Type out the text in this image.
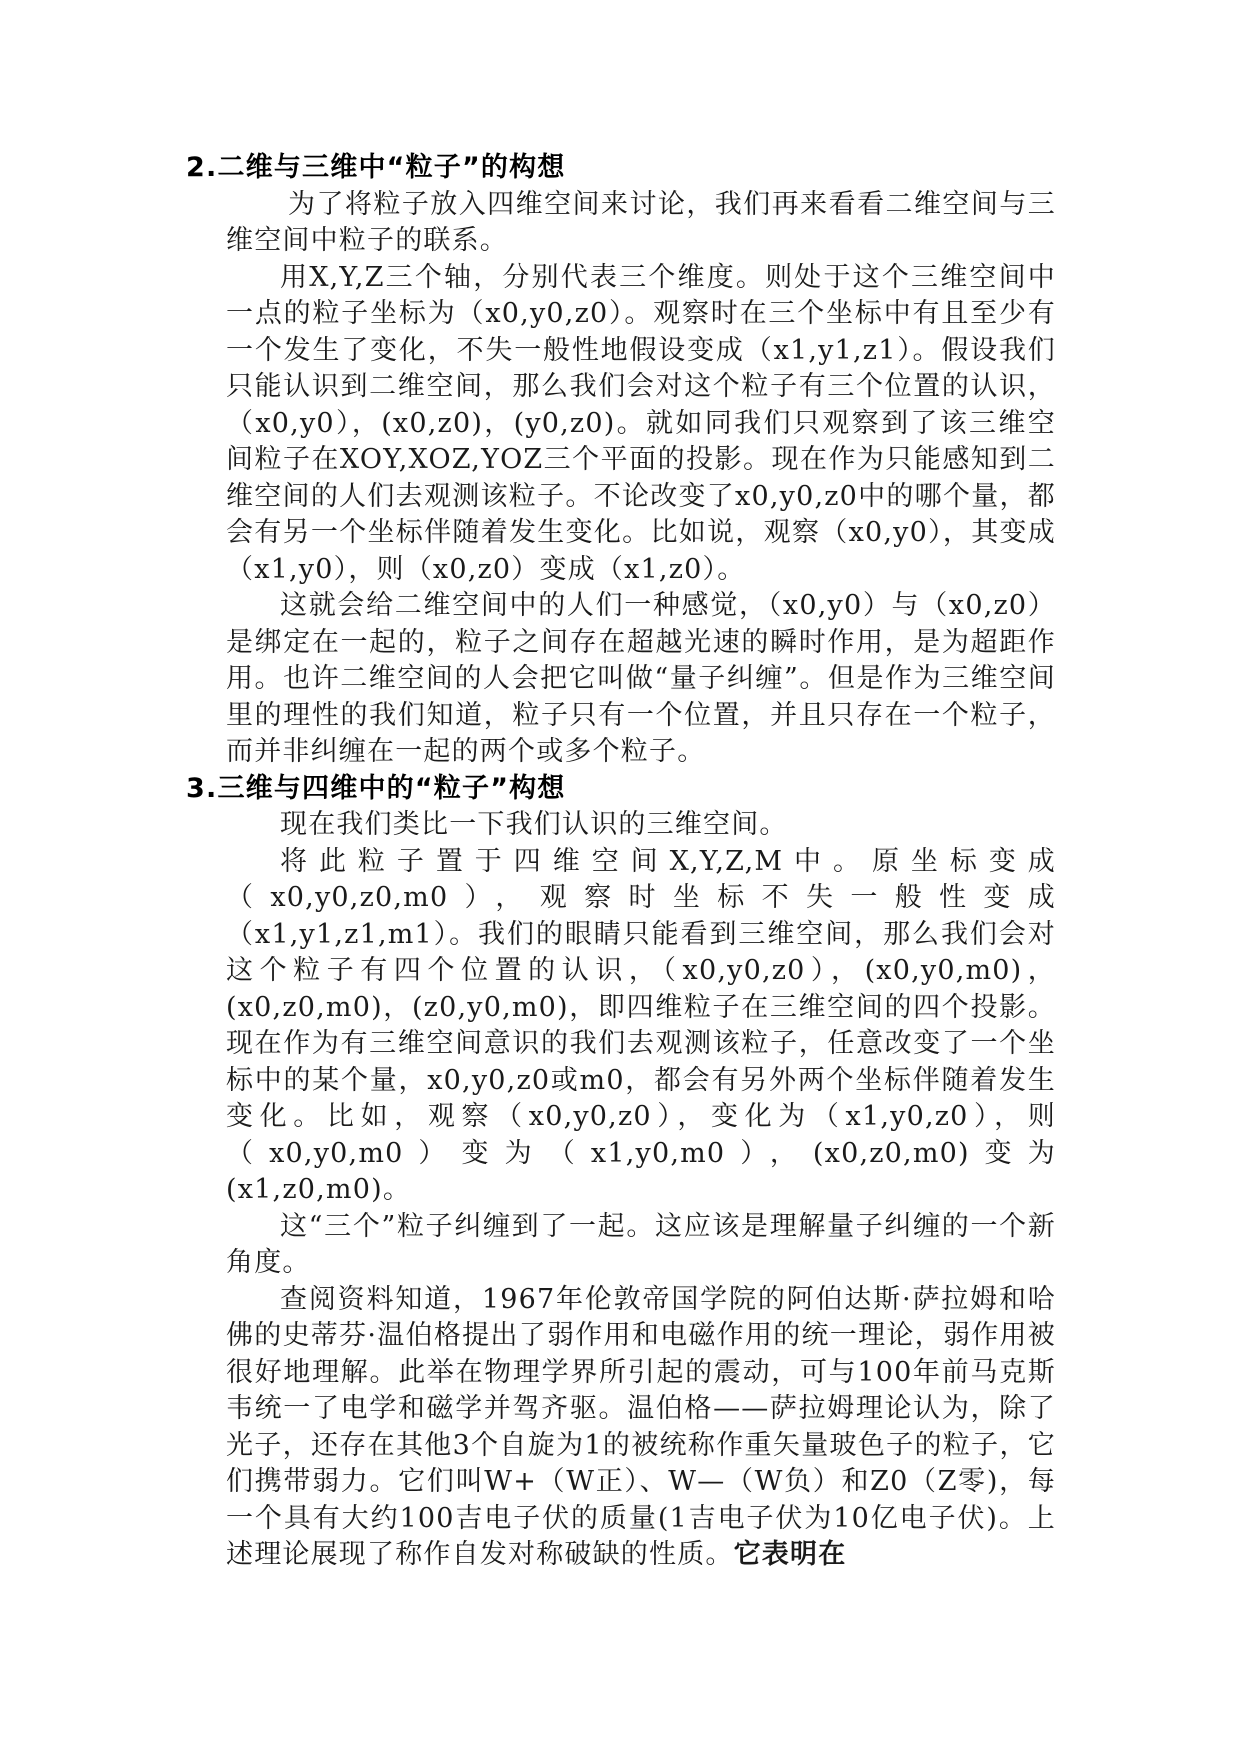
2.二维与三维中“粒子”的构想

为了将粒子放入四维空间来讨论，我们再来看看二维空间与三维空间中粒子的联系。

用X,Y,Z三个轴，分别代表三个维度。则处于这个三维空间中一点的粒子坐标为（x0,y0,z0）。观察时在三个坐标中有且至少有一个发生了变化，不失一般性地假设变成（x1,y1,z1）。假设我们只能认识到二维空间，那么我们会对这个粒子有三个位置的认识，（x0,y0），(x0,z0)，(y0,z0)。就如同我们只观察到了该三维空间粒子在XOY,XOZ,YOZ三个平面的投影。现在作为只能感知到二维空间的人们去观测该粒子。不论改变了x0,y0,z0中的哪个量，都会有另一个坐标伴随着发生变化。比如说，观察（x0,y0），其变成（x1,y0），则（x0,z0）变成（x1,z0）。

这就会给二维空间中的人们一种感觉，（x0,y0）与（x0,z0）是绑定在一起的，粒子之间存在超越光速的瞬时作用，是为超距作用。也许二维空间的人会把它叫做“量子纠缠”。但是作为三维空间里的理性的我们知道，粒子只有一个位置，并且只存在一个粒子，而并非纠缠在一起的两个或多个粒子。

3.三维与四维中的“粒子”构想

现在我们类比一下我们认识的三维空间。

将此粒子置于四维空间X,Y,Z,M中。原坐标变成（x0,y0,z0,m0），观察时坐标不失一般性变成（x1,y1,z1,m1）。我们的眼睛只能看到三维空间，那么我们会对这个粒子有四个位置的认识，（x0,y0,z0），(x0,y0,m0)，(x0,z0,m0)，(z0,y0,m0)，即四维粒子在三维空间的四个投影。现在作为有三维空间意识的我们去观测该粒子，任意改变了一个坐标中的某个量，x0,y0,z0或m0，都会有另外两个坐标伴随着发生变化。比如，观察（x0,y0,z0），变化为（x1,y0,z0），则（x0,y0,m0）变为（x1,y0,m0），(x0,z0,m0)变为(x1,z0,m0)。

这“三个”粒子纠缠到了一起。这应该是理解量子纠缠的一个新角度。

查阅资料知道，1967年伦敦帝国学院的阿伯达斯·萨拉姆和哈佛的史蒂芬·温伯格提出了弱作用和电磁作用的统一理论，弱作用被很好地理解。此举在物理学界所引起的震动，可与100年前马克斯韦统一了电学和磁学并驾齐驱。温伯格——萨拉姆理论认为，除了光子，还存在其他3个自旋为1的被统称作重矢量玻色子的粒子，它们携带弱力。它们叫W+（W正）、W—（W负）和Z0（Z零)，每一个具有大约100吉电子伏的质量(1吉电子伏为10亿电子伏)。上述理论展现了称作自发对称破缺的性质。它表明在
